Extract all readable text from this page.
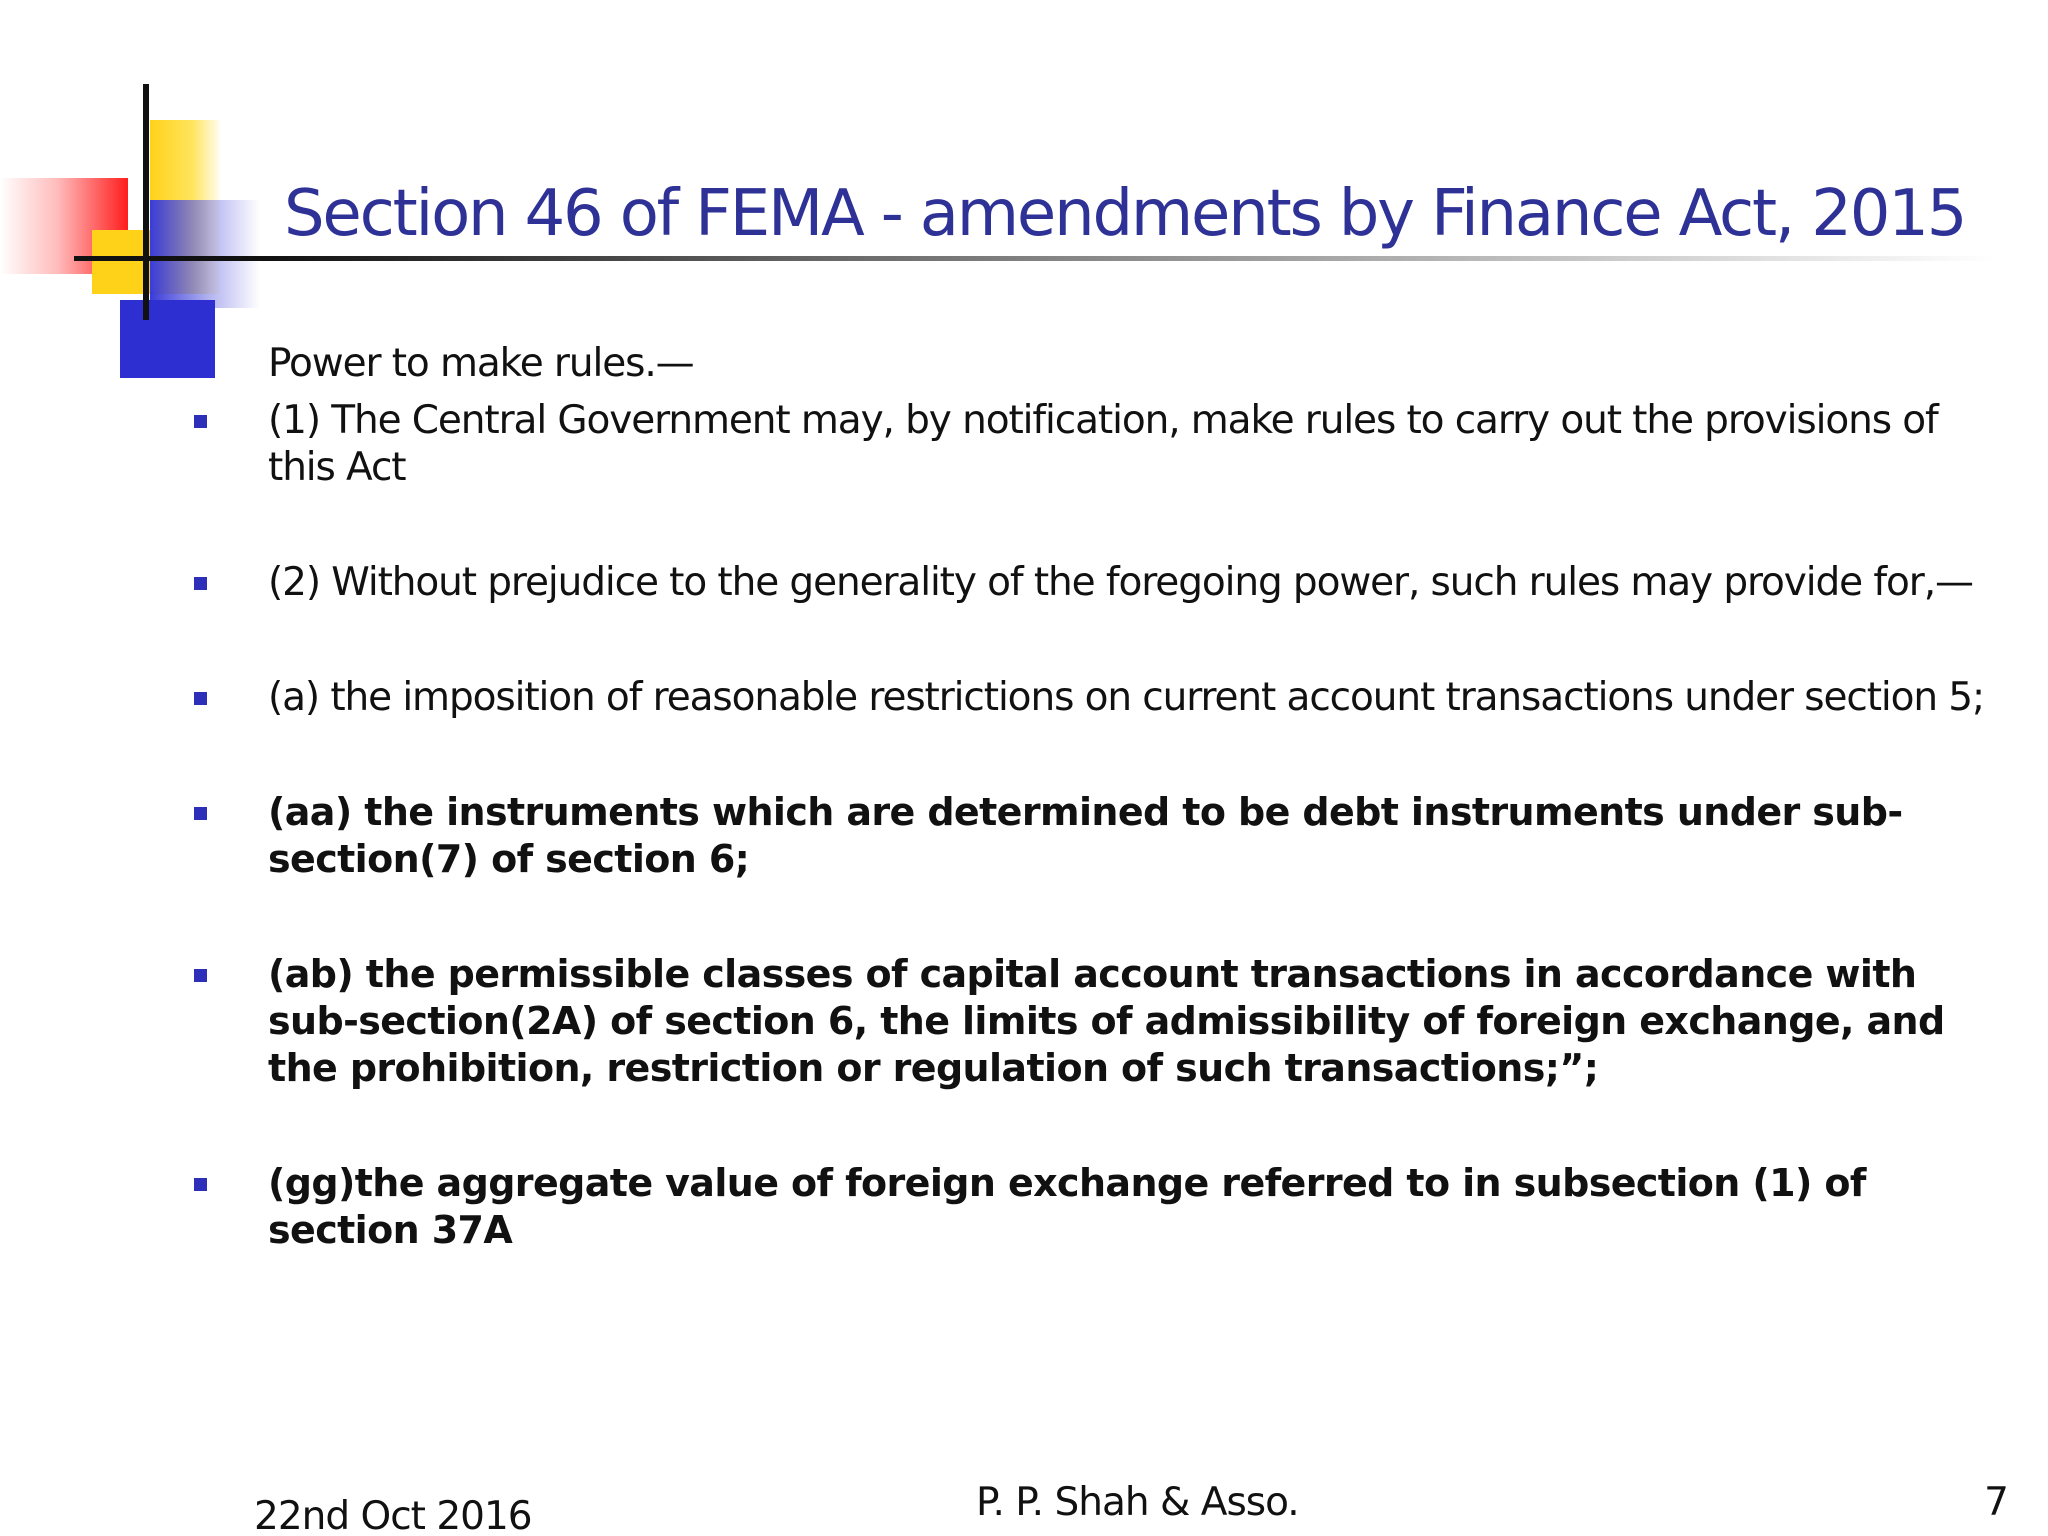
Section 46 of FEMA - amendments by Finance Act, 2015

Power to make rules.—

(1) The Central Government may, by notification, make rules to carry out the provisions of this Act
(2) Without prejudice to the generality of the foregoing power, such rules may provide for,—
(a) the imposition of reasonable restrictions on current account transactions under section 5;
(aa) the instruments which are determined to be debt instruments under sub-section(7) of section 6;
(ab) the permissible classes of capital account transactions in accordance with sub-section(2A) of section 6, the limits of admissibility of foreign exchange, and the prohibition, restriction or regulation of such transactions;”;
(gg)the aggregate value of foreign exchange referred to in subsection (1) of section 37A
22nd Oct 2016	P. P. Shah & Asso.	7
